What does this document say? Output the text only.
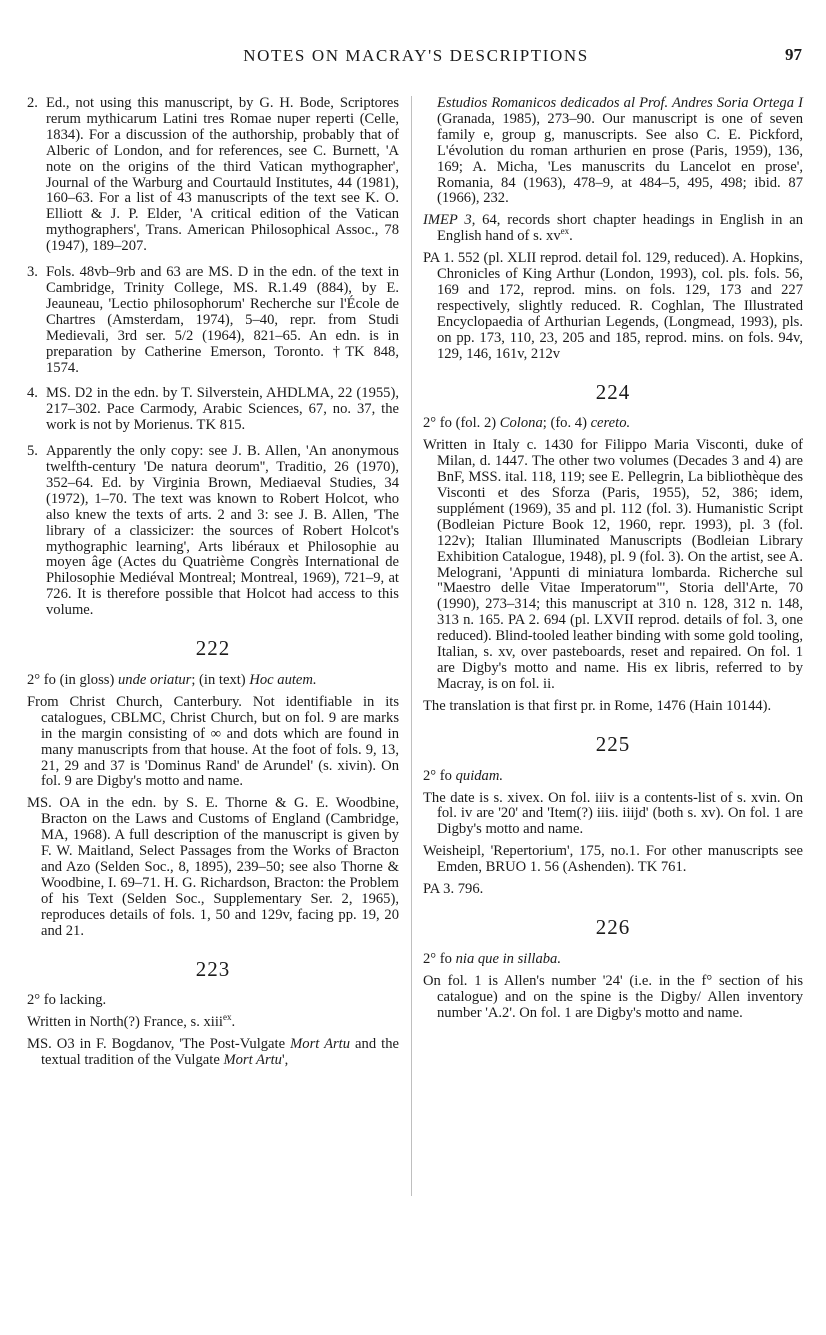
NOTES ON MACRAY'S DESCRIPTIONS	97
2. Ed., not using this manuscript, by G. H. Bode, Scriptores rerum mythicarum Latini tres Romae nuper reperti (Celle, 1834). For a discussion of the authorship, probably that of Alberic of London, and for references, see C. Burnett, 'A note on the origins of the third Vatican mythographer', Journal of the Warburg and Courtauld Institutes, 44 (1981), 160–63. For a list of 43 manuscripts of the text see K. O. Elliott & J. P. Elder, 'A critical edition of the Vatican mythographers', Trans. American Philosophical Assoc., 78 (1947), 189–207.
3. Fols. 48vb–9rb and 63 are MS. D in the edn. of the text in Cambridge, Trinity College, MS. R.1.49 (884), by E. Jeauneau, 'Lectio philosophorum' Recherche sur l'École de Chartres (Amsterdam, 1974), 5–40, repr. from Studi Medievali, 3rd ser. 5/2 (1964), 821–65. An edn. is in preparation by Catherine Emerson, Toronto. †TK 848, 1574.
4. MS. D2 in the edn. by T. Silverstein, AHDLMA, 22 (1955), 217–302. Pace Carmody, Arabic Sciences, 67, no. 37, the work is not by Morienus. TK 815.
5. Apparently the only copy: see J. B. Allen, 'An anonymous twelfth-century 'De natura deorum'', Traditio, 26 (1970), 352–64. Ed. by Virginia Brown, Mediaeval Studies, 34 (1972), 1–70. The text was known to Robert Holcot, who also knew the texts of arts. 2 and 3: see J. B. Allen, 'The library of a classicizer: the sources of Robert Holcot's mythographic learning', Arts libéraux et Philosophie au moyen âge (Actes du Quatrième Congrès International de Philosophie Mediéval Montreal; Montreal, 1969), 721–9, at 726. It is therefore possible that Holcot had access to this volume.
222
2° fo (in gloss) unde oriatur; (in text) Hoc autem.
From Christ Church, Canterbury. Not identifiable in its catalogues, CBLMC, Christ Church, but on fol. 9 are marks in the margin consisting of ∞ and dots which are found in many manuscripts from that house. At the foot of fols. 9, 13, 21, 29 and 37 is 'Dominus Rand' de Arundel' (s. xivin). On fol. 9 are Digby's motto and name.
MS. OA in the edn. by S. E. Thorne & G. E. Woodbine, Bracton on the Laws and Customs of England (Cambridge, MA, 1968). A full description of the manuscript is given by F. W. Maitland, Select Passages from the Works of Bracton and Azo (Selden Soc., 8, 1895), 239–50; see also Thorne & Woodbine, I. 69–71. H. G. Richardson, Bracton: the Problem of his Text (Selden Soc., Supplementary Ser. 2, 1965), reproduces details of fols. 1, 50 and 129v, facing pp. 19, 20 and 21.
223
2° fo lacking.
Written in North(?) France, s. xiii$^{ex}$.
MS. O3 in F. Bogdanov, 'The Post-Vulgate Mort Artu and the textual tradition of the Vulgate Mort Artu',
Estudios Romanicos dedicados al Prof. Andres Soria Ortega I (Granada, 1985), 273–90. Our manuscript is one of seven family e, group g, manuscripts. See also C. E. Pickford, L'évolution du roman arthurien en prose (Paris, 1959), 136, 169; A. Micha, 'Les manuscrits du Lancelot en prose', Romania, 84 (1963), 478–9, at 484–5, 495, 498; ibid. 87 (1966), 232.
IMEP 3, 64, records short chapter headings in English in an English hand of s. $xv^{ex}$.
PA 1. 552 (pl. XLII reprod. detail fol. 129, reduced). A. Hopkins, Chronicles of King Arthur (London, 1993), col. pls. fols. 56, 169 and 172, reprod. mins. on fols. 129, 173 and 227 respectively, slightly reduced. R. Coghlan, The Illustrated Encyclopaedia of Arthurian Legends, (Longmead, 1993), pls. on pp. 173, 110, 23, 205 and 185, reprod. mins. on fols. 94v, 129, 146, 161v, 212v
224
2° fo (fol. 2) Colona; (fo. 4) cereto.
Written in Italy c. 1430 for Filippo Maria Visconti, duke of Milan, d. 1447. The other two volumes (Decades 3 and 4) are BnF, MSS. ital. 118, 119; see E. Pellegrin, La bibliothèque des Visconti et des Sforza (Paris, 1955), 52, 386; idem, supplément (1969), 35 and pl. 112 (fol. 3). Humanistic Script (Bodleian Picture Book 12, 1960, repr. 1993), pl. 3 (fol. 122v); Italian Illuminated Manuscripts (Bodleian Library Exhibition Catalogue, 1948), pl. 9 (fol. 3). On the artist, see A. Melograni, 'Appunti di miniatura lombarda. Richerche sul "Maestro delle Vitae Imperatorum"', Storia dell'Arte, 70 (1990), 273–314; this manuscript at 310 n. 128, 312 n. 148, 313 n. 165. PA 2. 694 (pl. LXVII reprod. details of fol. 3, one reduced). Blind-tooled leather binding with some gold tooling, Italian, s. xv, over pasteboards, reset and repaired. On fol. 1 are Digby's motto and name. His ex libris, referred to by Macray, is on fol. ii.
The translation is that first pr. in Rome, 1476 (Hain 10144).
225
2° fo quidam.
The date is s. xivex. On fol. iiiv is a contents-list of s. xvin. On fol. iv are '20' and 'Item(?) iiis. iiijd' (both s. xv). On fol. 1 are Digby's motto and name.
Weisheipl, 'Repertorium', 175, no.1. For other manuscripts see Emden, BRUO 1. 56 (Ashenden). TK 761.
PA 3. 796.
226
2° fo nia que in sillaba.
On fol. 1 is Allen's number '24' (i.e. in the f° section of his catalogue) and on the spine is the Digby/ Allen inventory number 'A.2'. On fol. 1 are Digby's motto and name.
